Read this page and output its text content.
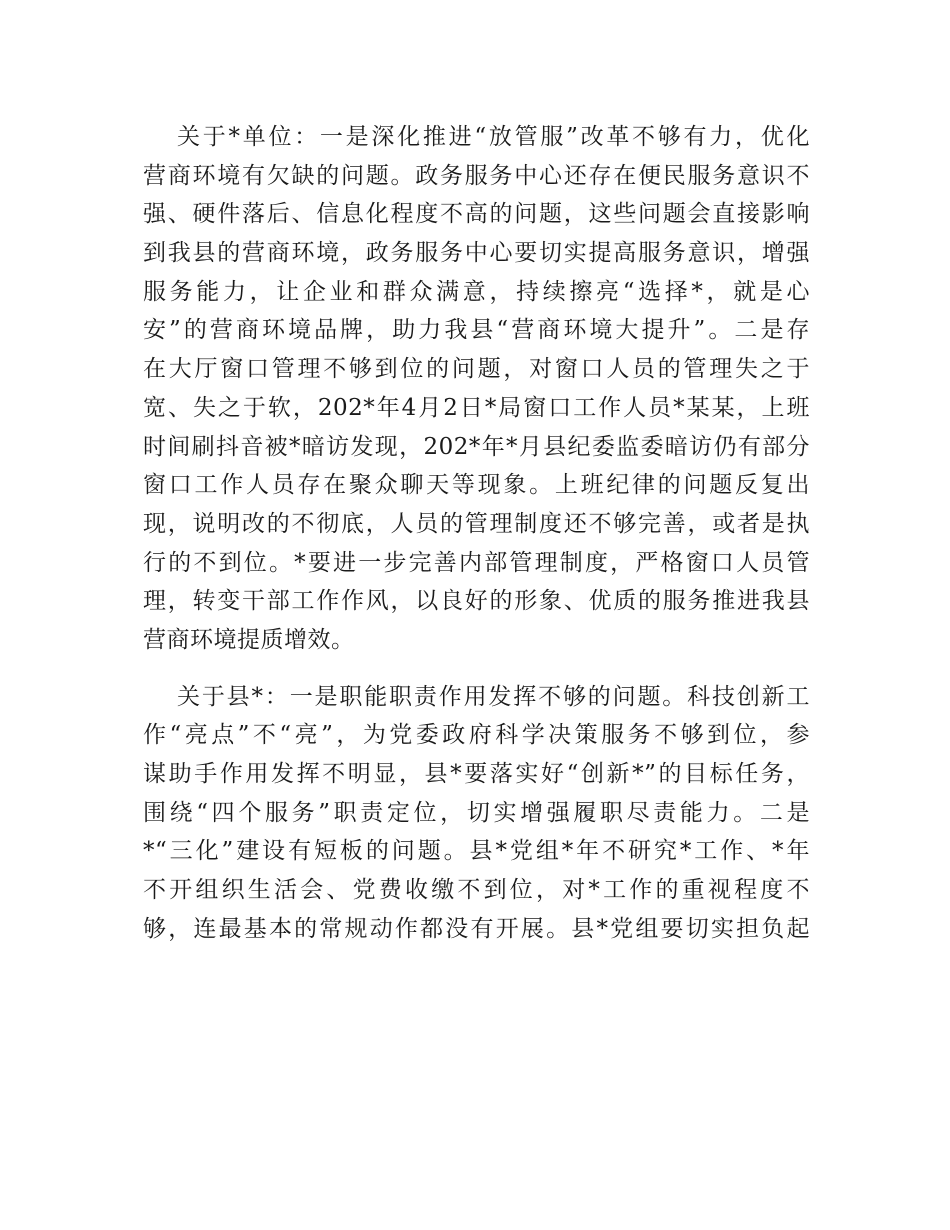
关于*单位：一是深化推进“放管服”改革不够有力，优化
营商环境有欠缺的问题。政务服务中心还存在便民服务意识不
强、硬件落后、信息化程度不高的问题，这些问题会直接影响
到我县的营商环境，政务服务中心要切实提高服务意识，增强
服务能力，让企业和群众满意，持续擦亮“选择*，就是心
安”的营商环境品牌，助力我县“营商环境大提升”。二是存
在大厅窗口管理不够到位的问题，对窗口人员的管理失之于
宽、失之于软，202*年4月2日*局窗口工作人员*某某，上班
时间刷抖音被*暗访发现，202*年*月县纪委监委暗访仍有部分
窗口工作人员存在聚众聊天等现象。上班纪律的问题反复出
现，说明改的不彻底，人员的管理制度还不够完善，或者是执
行的不到位。*要进一步完善内部管理制度，严格窗口人员管
理，转变干部工作作风，以良好的形象、优质的服务推进我县
营商环境提质增效。
关于县*：一是职能职责作用发挥不够的问题。科技创新工
作“亮点”不“亮”，为党委政府科学决策服务不够到位，参
谋助手作用发挥不明显，县*要落实好“创新*”的目标任务，
围绕“四个服务”职责定位，切实增强履职尽责能力。二是
*“三化”建设有短板的问题。县*党组*年不研究*工作、*年
不开组织生活会、党费收缴不到位，对*工作的重视程度不
够，连最基本的常规动作都没有开展。县*党组要切实担负起
